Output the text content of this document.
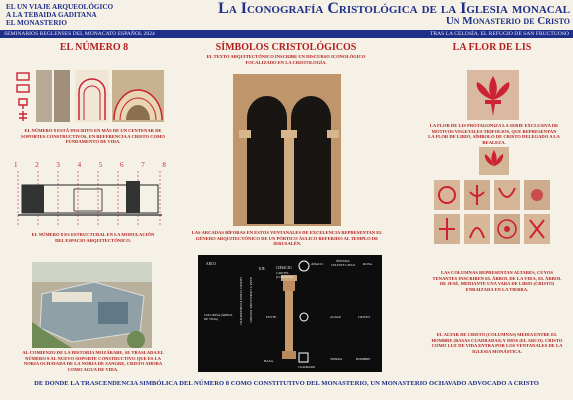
EL UN VIAJE ARQUEOLÓGICO
A LA TEBAIDA GADITANA
EL MONASTERIO
La Iconografía Cristológica de la Iglesia monacal
Un Monasterio de Cristo
SEMINARIOS REGLENSES DEL MONACATO ESPAÑOL 2024	TRAS LA CELOSÍA. EL REFUGIO DE SAN FRUCTUOSO
EL NÚMERO 8
EL NÚMERO 8 ESTÁ INSCRITO EN MÁS DE UN CENTENAR DE SOPORTES CONSTRUCTIVOS, EN REFERENCIA A CRISTO COMO FUNDAMENTO DE VIDA.
1	2	3	4	5	6	7	8
EL NÚMERO 8 ES ESTRUCTURAL EN LA MODULACIÓN DEL ESPACIO ARQUITECTÓNICO.
AL COMIENZO DE LA HISTORIA MOZÁRABE, SE TRASLADA EL NÚMERO 8 AL NUEVO SOPORTE CONSTRUCTIVO QUE ES LA NORIA OCHAVADA DE LA NORIA DE SANGRE, CRISTO AHORA COMO AGUA DE VIDA.
SÍMBOLOS CRISTOLÓGICOS
EL TEXTO ARQUITECTÓNICO INSCRIBE UN DISCURSO ICONOLÓGICO FOCALIZADO EN LA CRISTOLOGÍA.
LAS ARCADAS BÍFORAS EN ESTOS VENTANALES DE EXCELENCIA REPRESENTAN EL GÉNERO ARQUITECTÓNICO DE UN PÓRTICO ÁULICO REFERIDO AL TEMPLO DE JERUSALÉN.
ARCO
EJE	CIMACIO
CAPITEL (CORINTIO)
ÁBACO
BÓVEDA CELESTE CIELO	ROSA
COLUMNA (ÁRBOL DE VIDA)	FUSTE	ALTAR	CRISTO
BASA	TIERRA	HOMBRE
CUADRADO
CRISTO COMO FUNDAMENTO ALFA Y OMEGA DEL MUNDO
LA FLOR DE LIS
LA FLOR DE LIS PROTAGONIZA LA SERIE EXCLUSIVA DE MOTIVOS VEGETALES TRIFOLIOS, QUE REPRESENTAN LA FLOR DE LIRIO, SÍMBOLO DE CRISTO DELEGADO A LA REALEZA.
LAS COLUMNAS REPRESENTAN ALTARES, CUYOS TENANTES INSCRIBEN EL ÁRBOL DE LA VIDA, EL ÁRBOL DE JESÉ, MEDIANTE UNA VARA DE LIRIO (CRISTO) ENRAIZADA EN LA TIERRA.
EL ALTAR DE CRISTO (COLUMNAS) MEDIA ENTRE EL HOMBRE (BASAS CUADRADAS) Y DIOS (EL ARCO). CRISTO COMO LUZ DE VIDA ENTRA POR LOS VENTANALES DE LA IGLESIA MONÁSTICA.
DE DONDE LA TRASCENDENCIA SIMBÓLICA DEL NÚMERO 8 COMO CONSTITUTIVO DEL MONASTERIO, UN MONASTERIO OCHAVADO ADVOCADO A CRISTO
